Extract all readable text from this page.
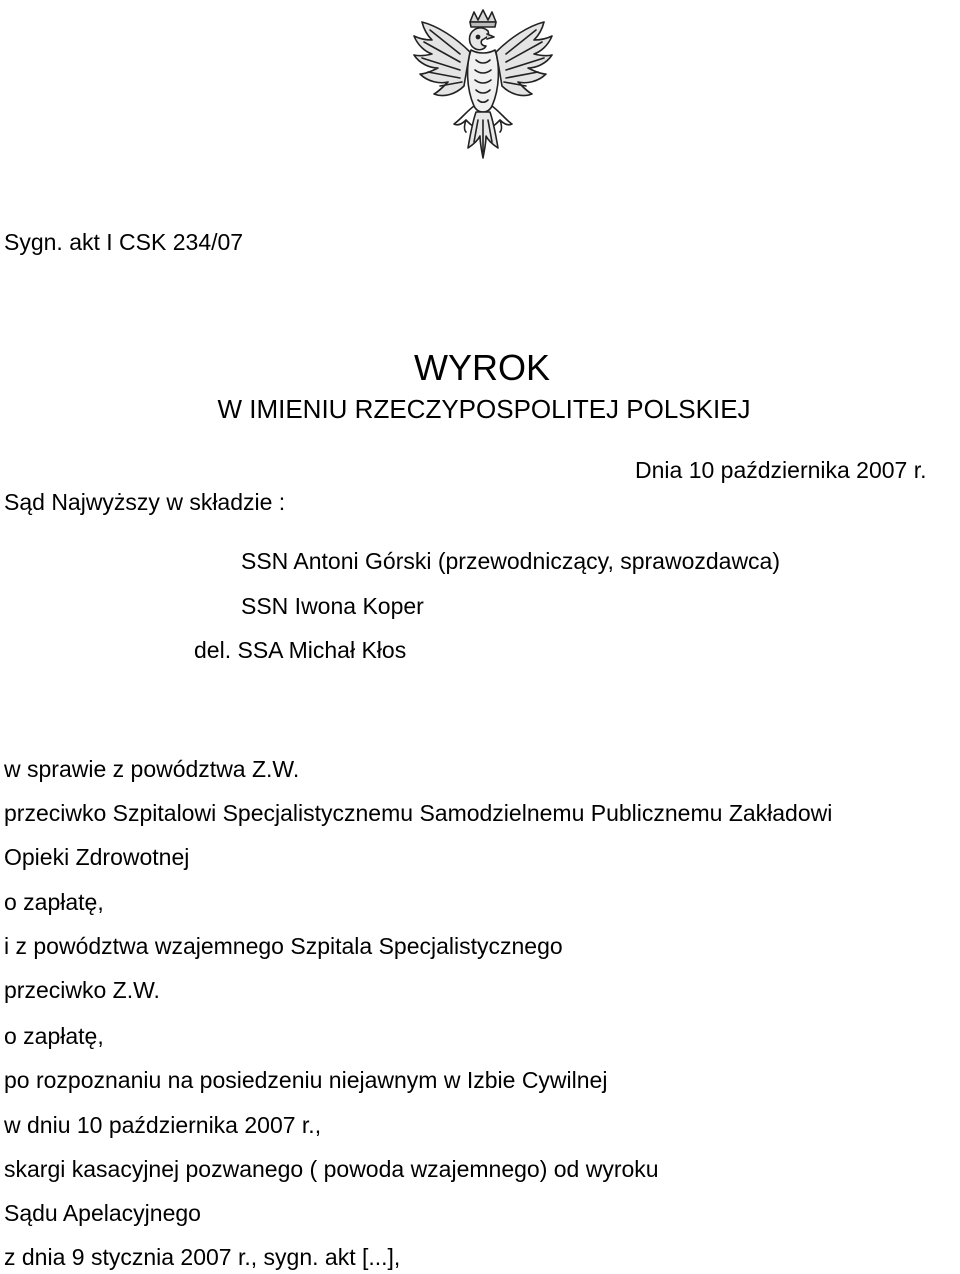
Sygn. akt I CSK 234/07
WYROK
W IMIENIU RZECZYPOSPOLITEJ POLSKIEJ
Dnia 10 października 2007 r.
Sąd Najwyższy w składzie :
SSN Antoni Górski (przewodniczący, sprawozdawca)
SSN Iwona Koper
del. SSA Michał Kłos
w sprawie z powództwa Z.W.
przeciwko Szpitalowi Specjalistycznemu Samodzielnemu Publicznemu Zakładowi
Opieki Zdrowotnej
o zapłatę,
i z powództwa wzajemnego Szpitala Specjalistycznego
przeciwko Z.W.
o zapłatę,
po rozpoznaniu na posiedzeniu niejawnym w Izbie Cywilnej
w dniu 10 października 2007 r.,
skargi kasacyjnej pozwanego ( powoda wzajemnego) od wyroku
Sądu Apelacyjnego
z dnia 9 stycznia 2007 r., sygn. akt [...],
